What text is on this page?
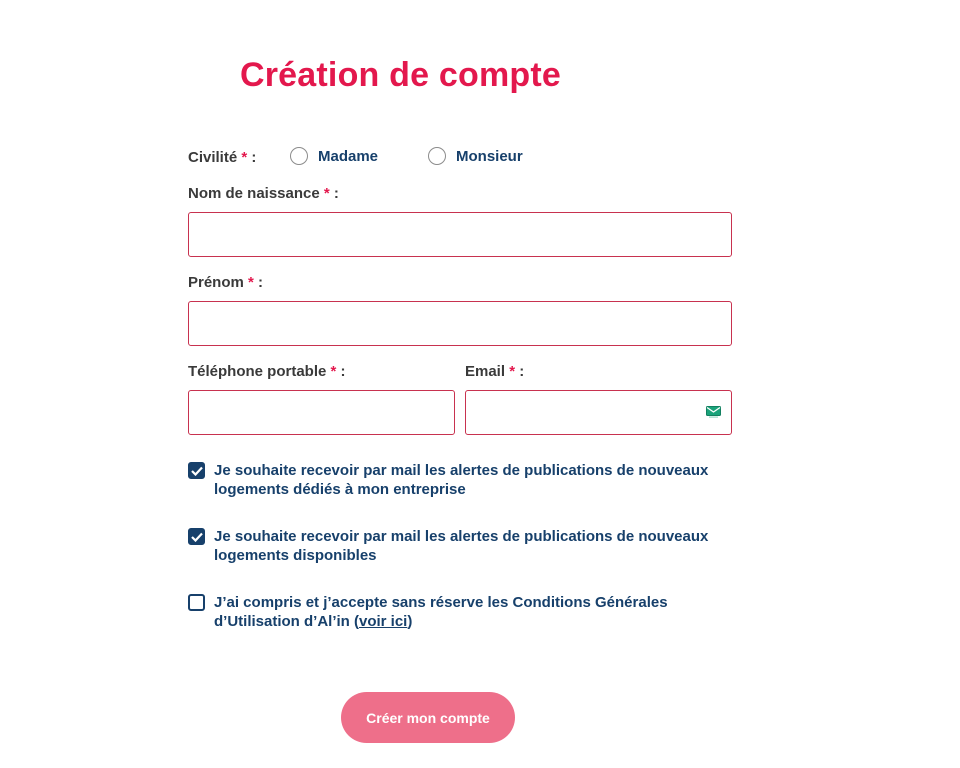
Création de compte
Civilité * :	Madame	Monsieur
Nom de naissance * :
Prénom * :
Téléphone portable * :	Email * :
Je souhaite recevoir par mail les alertes de publications de nouveaux logements dédiés à mon entreprise
Je souhaite recevoir par mail les alertes de publications de nouveaux logements disponibles
J’ai compris et j’accepte sans réserve les Conditions Générales d’Utilisation d’Al’in (voir ici)
Créer mon compte
